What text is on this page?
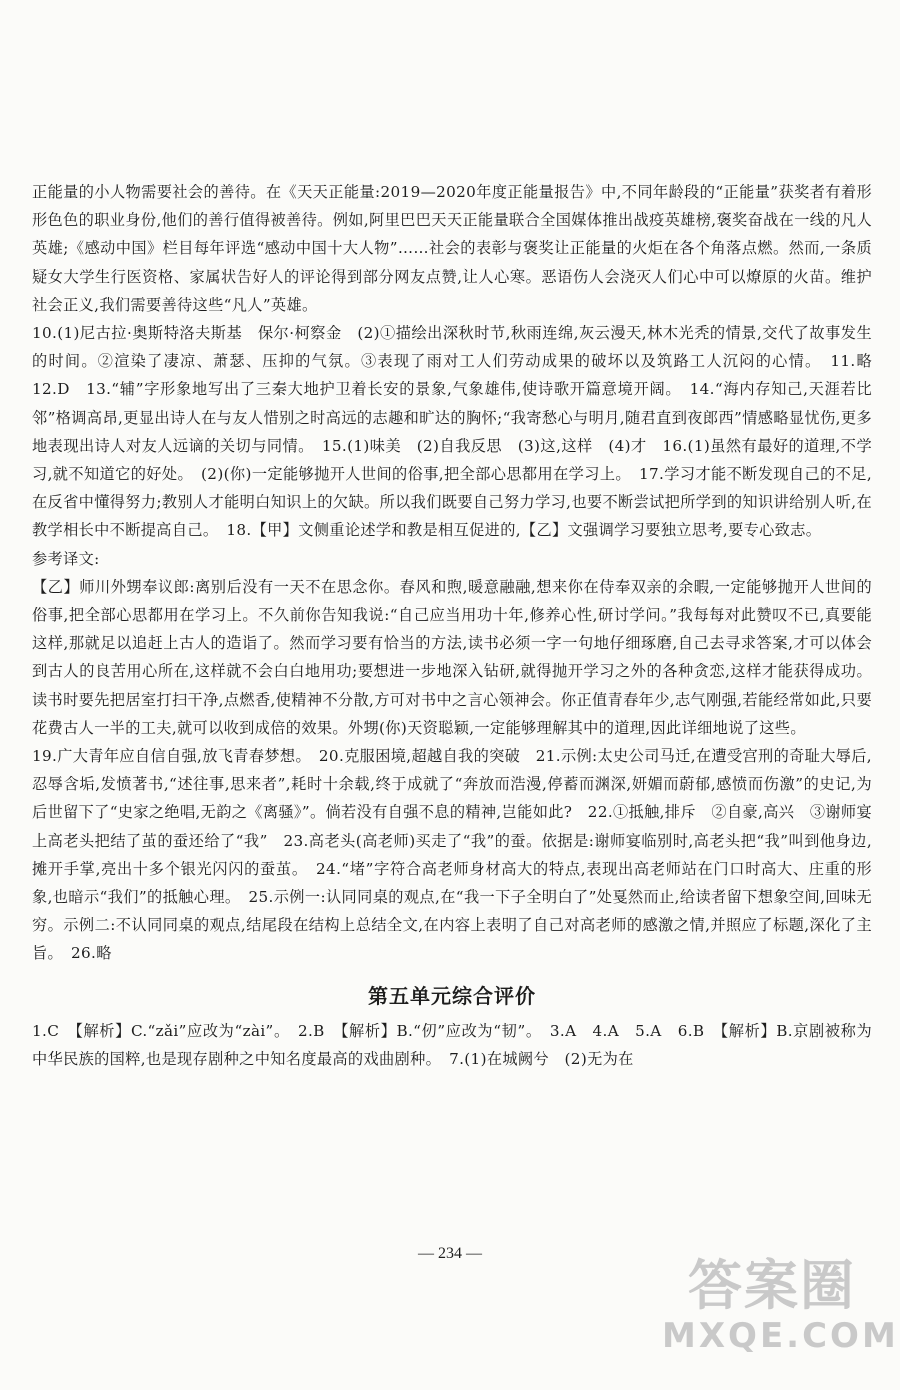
正能量的小人物需要社会的善待。在《天天正能量:2019—2020年度正能量报告》中,不同年龄段的“正能量”获奖者有着形形色色的职业身份,他们的善行值得被善待。例如,阿里巴巴天天正能量联合全国媒体推出战疫英雄榜,褒奖奋战在一线的凡人英雄;《感动中国》栏目每年评选“感动中国十大人物”……社会的表彰与褒奖让正能量的火炬在各个角落点燃。然而,一条质疑女大学生行医资格、家属状告好人的评论得到部分网友点赞,让人心寒。恶语伤人会浇灭人们心中可以燎原的火苗。维护社会正义,我们需要善待这些“凡人”英雄。

10.(1)尼古拉·奥斯特洛夫斯基　保尔·柯察金　(2)①描绘出深秋时节,秋雨连绵,灰云漫天,林木光秃的情景,交代了故事发生的时间。②渲染了凄凉、萧瑟、压抑的气氛。③表现了雨对工人们劳动成果的破坏以及筑路工人沉闷的心情。　11.略　12.D　13.“辅”字形象地写出了三秦大地护卫着长安的景象,气象雄伟,使诗歌开篇意境开阔。　14.“海内存知己,天涯若比邻”格调高昂,更显出诗人在与友人惜别之时高远的志趣和旷达的胸怀;“我寄愁心与明月,随君直到夜郎西”情感略显忧伤,更多地表现出诗人对友人远谪的关切与同情。　15.(1)味美　(2)自我反思　(3)这,这样　(4)才　16.(1)虽然有最好的道理,不学习,就不知道它的好处。　(2)(你)一定能够抛开人世间的俗事,把全部心思都用在学习上。　17.学习才能不断发现自己的不足,在反省中懂得努力;教别人才能明白知识上的欠缺。所以我们既要自己努力学习,也要不断尝试把所学到的知识讲给别人听,在教学相长中不断提高自己。　18.【甲】文侧重论述学和教是相互促进的,【乙】文强调学习要独立思考,要专心致志。

参考译文:

【乙】师川外甥奉议郎:离别后没有一天不在思念你。春风和煦,暖意融融,想来你在侍奉双亲的余暇,一定能够抛开人世间的俗事,把全部心思都用在学习上。不久前你告知我说:“自己应当用功十年,修养心性,研讨学问。”我每每对此赞叹不已,真要能这样,那就足以追赶上古人的造诣了。然而学习要有恰当的方法,读书必须一字一句地仔细琢磨,自己去寻求答案,才可以体会到古人的良苦用心所在,这样就不会白白地用功;要想进一步地深入钻研,就得抛开学习之外的各种贪恋,这样才能获得成功。读书时要先把居室打扫干净,点燃香,使精神不分散,方可对书中之言心领神会。你正值青春年少,志气刚强,若能经常如此,只要花费古人一半的工夫,就可以收到成倍的效果。外甥(你)天资聪颖,一定能够理解其中的道理,因此详细地说了这些。

19.广大青年应自信自强,放飞青春梦想。　20.克服困境,超越自我的突破　21.示例:太史公司马迁,在遭受宫刑的奇耻大辱后,忍辱含垢,发愤著书,“述往事,思来者”,耗时十余载,终于成就了“奔放而浩漫,停蓄而渊深,妍媚而蔚郁,感愤而伤激”的史记,为后世留下了“史家之绝唱,无韵之《离骚》”。倘若没有自强不息的精神,岂能如此?　22.①抵触,排斥　②自豪,高兴　③谢师宴上高老头把结了茧的蚕还给了“我”　23.高老头(高老师)买走了“我”的蚕。依据是:谢师宴临别时,高老头把“我”叫到他身边,摊开手掌,亮出十多个银光闪闪的蚕茧。　24.“堵”字符合高老师身材高大的特点,表现出高老师站在门口时高大、庄重的形象,也暗示“我们”的抵触心理。　25.示例一:认同同桌的观点,在“我一下子全明白了”处戛然而止,给读者留下想象空间,回味无穷。示例二:不认同同桌的观点,结尾段在结构上总结全文,在内容上表明了自己对高老师的感激之情,并照应了标题,深化了主旨。　26.略

第五单元综合评价

1.C　【解析】C.“zǎi”应改为“zài”。　2.B　【解析】B.“仞”应改为“韧”。　3.A　4.A　5.A　6.B　【解析】B.京剧被称为中华民族的国粹,也是现存剧种之中知名度最高的戏曲剧种。　7.(1)在城阙兮　(2)无为在

— 234 —
答案圈
MXQE.COM
